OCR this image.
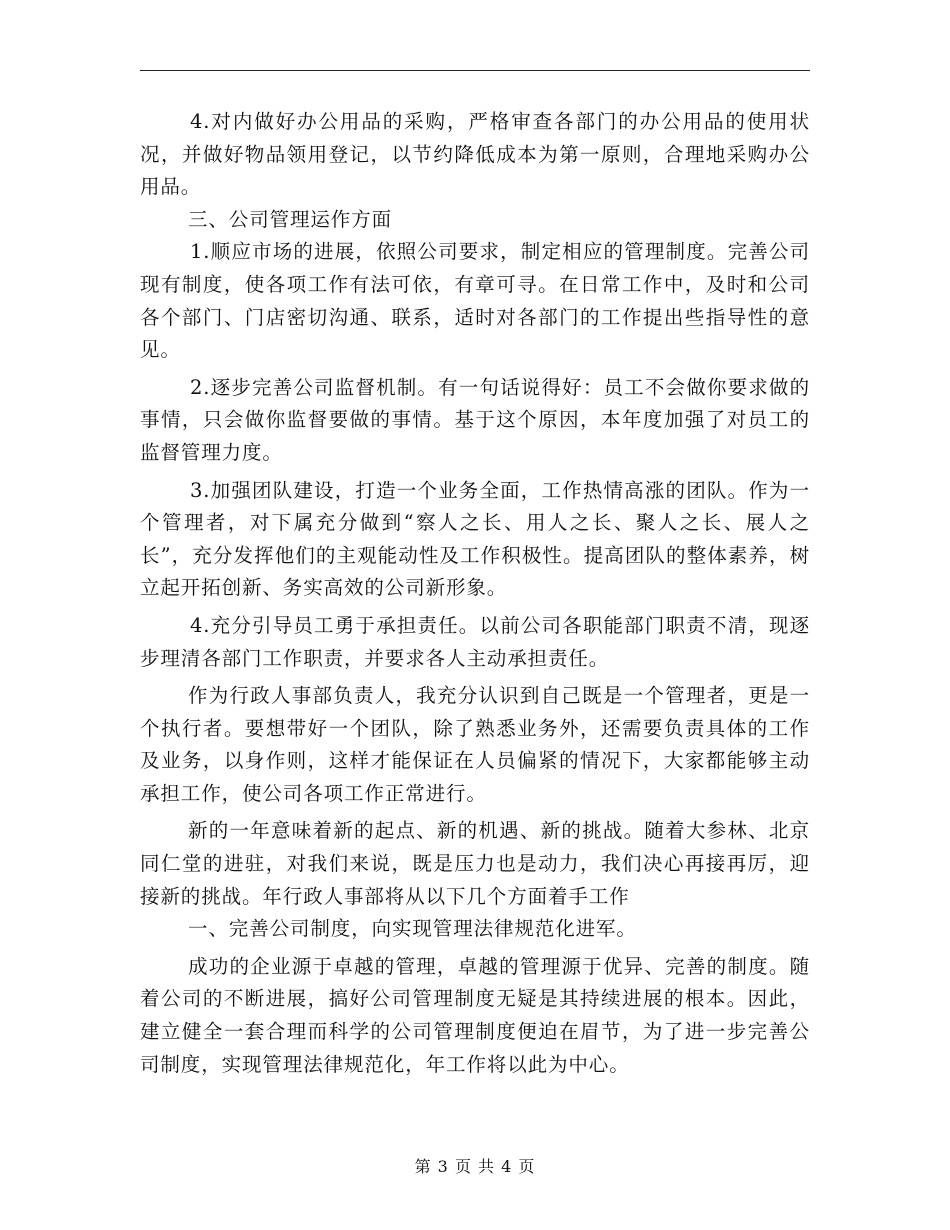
4.对内做好办公用品的采购，严格审查各部门的办公用品的使用状况，并做好物品领用登记，以节约降低成本为第一原则，合理地采购办公用品。

三、公司管理运作方面

1.顺应市场的进展，依照公司要求，制定相应的管理制度。完善公司现有制度，使各项工作有法可依，有章可寻。在日常工作中，及时和公司各个部门、门店密切沟通、联系，适时对各部门的工作提出些指导性的意见。

2.逐步完善公司监督机制。有一句话说得好：员工不会做你要求做的事情，只会做你监督要做的事情。基于这个原因，本年度加强了对员工的监督管理力度。

3.加强团队建设，打造一个业务全面，工作热情高涨的团队。作为一个管理者，对下属充分做到“察人之长、用人之长、聚人之长、展人之长”，充分发挥他们的主观能动性及工作积极性。提高团队的整体素养，树立起开拓创新、务实高效的公司新形象。

4.充分引导员工勇于承担责任。以前公司各职能部门职责不清，现逐步理清各部门工作职责，并要求各人主动承担责任。

作为行政人事部负责人，我充分认识到自己既是一个管理者，更是一个执行者。要想带好一个团队，除了熟悉业务外，还需要负责具体的工作及业务，以身作则，这样才能保证在人员偏紧的情况下，大家都能够主动承担工作，使公司各项工作正常进行。

新的一年意味着新的起点、新的机遇、新的挑战。随着大参林、北京同仁堂的进驻，对我们来说，既是压力也是动力，我们决心再接再厉，迎接新的挑战。年行政人事部将从以下几个方面着手工作

一、完善公司制度，向实现管理法律规范化进军。

成功的企业源于卓越的管理，卓越的管理源于优异、完善的制度。随着公司的不断进展，搞好公司管理制度无疑是其持续进展的根本。因此，建立健全一套合理而科学的公司管理制度便迫在眉节，为了进一步完善公司制度，实现管理法律规范化，年工作将以此为中心。

第 3 页 共 4 页
